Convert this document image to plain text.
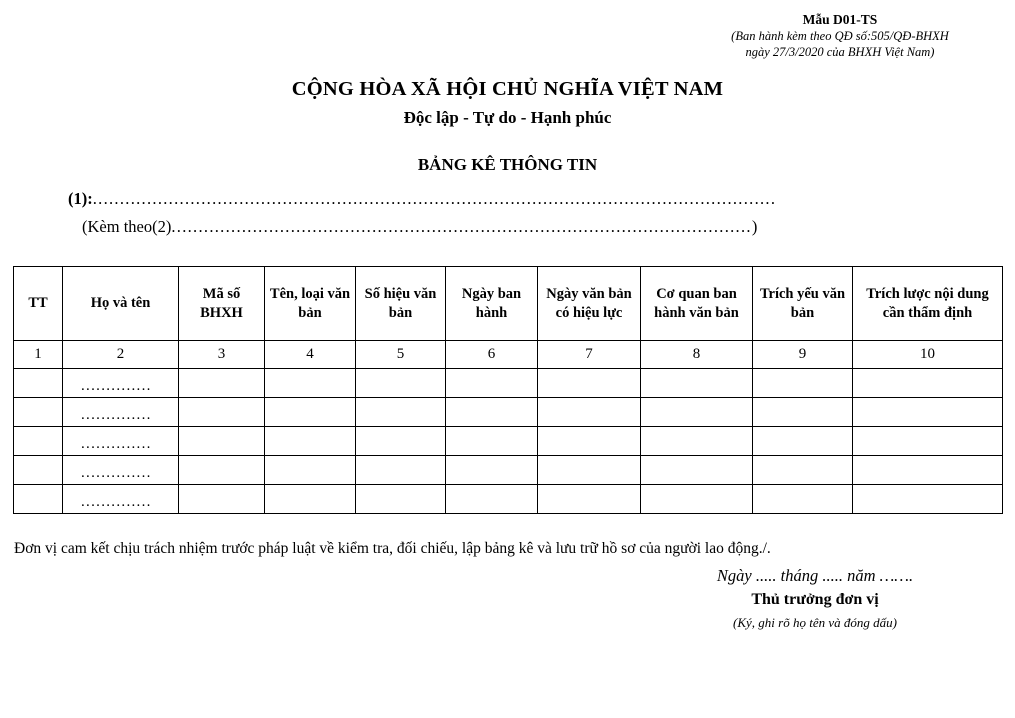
Mẫu D01-TS
(Ban hành kèm theo QĐ số:505/QĐ-BHXH
ngày 27/3/2020 của BHXH Việt Nam)
CỘNG HÒA XÃ HỘI CHỦ NGHĨA VIỆT NAM
Độc lập - Tự do - Hạnh phúc
BẢNG KÊ THÔNG TIN
(1):..............................................................................................................................
(Kèm theo(2)...........................................................................................................)
TT	Họ và tên	Mã số BHXH	Tên, loại văn bản	Số hiệu văn bản	Ngày ban hành	Ngày văn bản có hiệu lực	Cơ quan ban hành văn bản	Trích yếu văn bản	Trích lược nội dung cần thẩm định
1	2	3	4	5	6	7	8	9	10

	..............								

	..............								

	..............								

	..............								

	..............								

Đơn vị cam kết chịu trách nhiệm trước pháp luật về kiểm tra, đối chiếu, lập bảng kê và lưu trữ hồ sơ của người lao động./.
Ngày ..... tháng ..... năm …….
Thủ trưởng đơn vị
(Ký, ghi rõ họ tên và đóng dấu)
